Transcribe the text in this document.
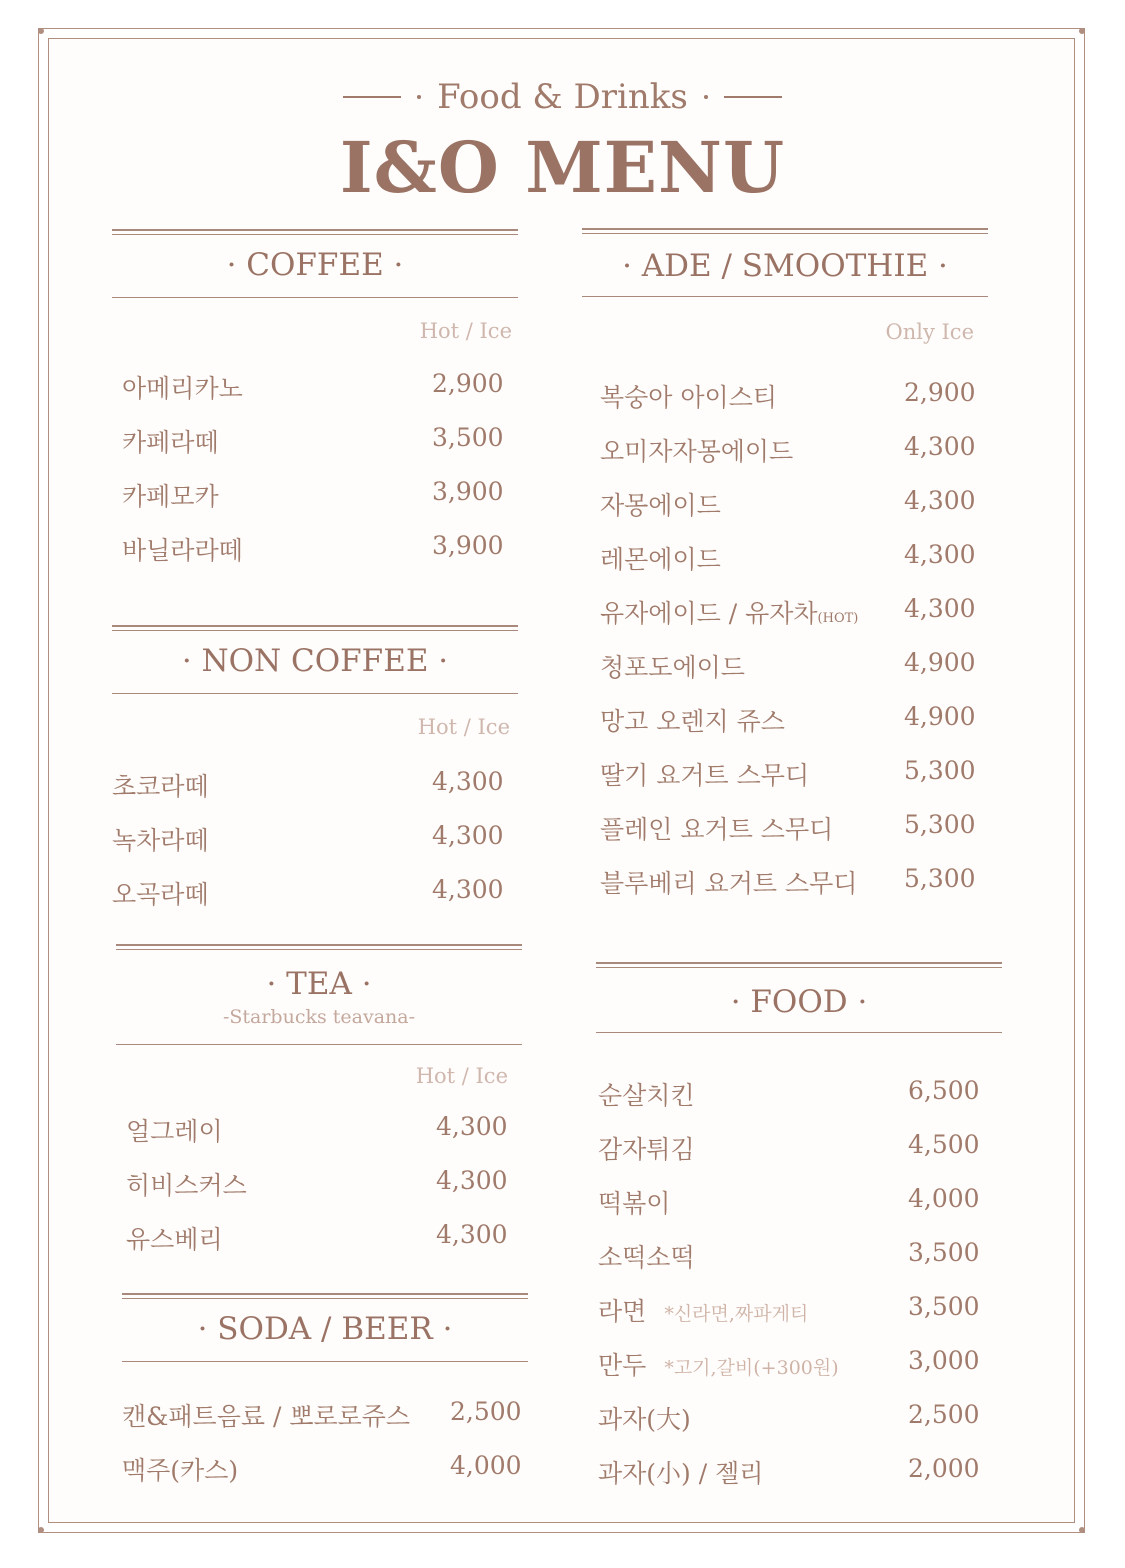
Food & Drinks
I&O MENU
· COFFEE ·
Hot / Ice
아메리카노	2,900
카페라떼	3,500
카페모카	3,900
바닐라라떼	3,900
· NON COFFEE ·
Hot / Ice
초코라떼	4,300
녹차라떼	4,300
오곡라떼	4,300
· TEA ·
-Starbucks teavana-
Hot / Ice
얼그레이	4,300
히비스커스	4,300
유스베리	4,300
· SODA / BEER ·
캔&패트음료 / 뽀로로쥬스 2,500
맥주(카스)	4,000
· ADE / SMOOTHIE ·
Only Ice
복숭아 아이스티	2,900
오미자자몽에이드	4,300
자몽에이드	4,300
레몬에이드	4,300
유자에이드 / 유자차(HOT) 4,300
청포도에이드	4,900
망고 오렌지 쥬스	4,900
딸기 요거트 스무디	5,300
플레인 요거트 스무디	5,300
블루베리 요거트 스무디 5,300
· FOOD ·
순살치킨	6,500
감자튀김	4,500
떡볶이	4,000
소떡소떡	3,500
라면 *신라면,짜파게티	3,500
만두 *고기,갈비(+300원)	3,000
과자(大)	2,500
과자(小) / 젤리	2,000
